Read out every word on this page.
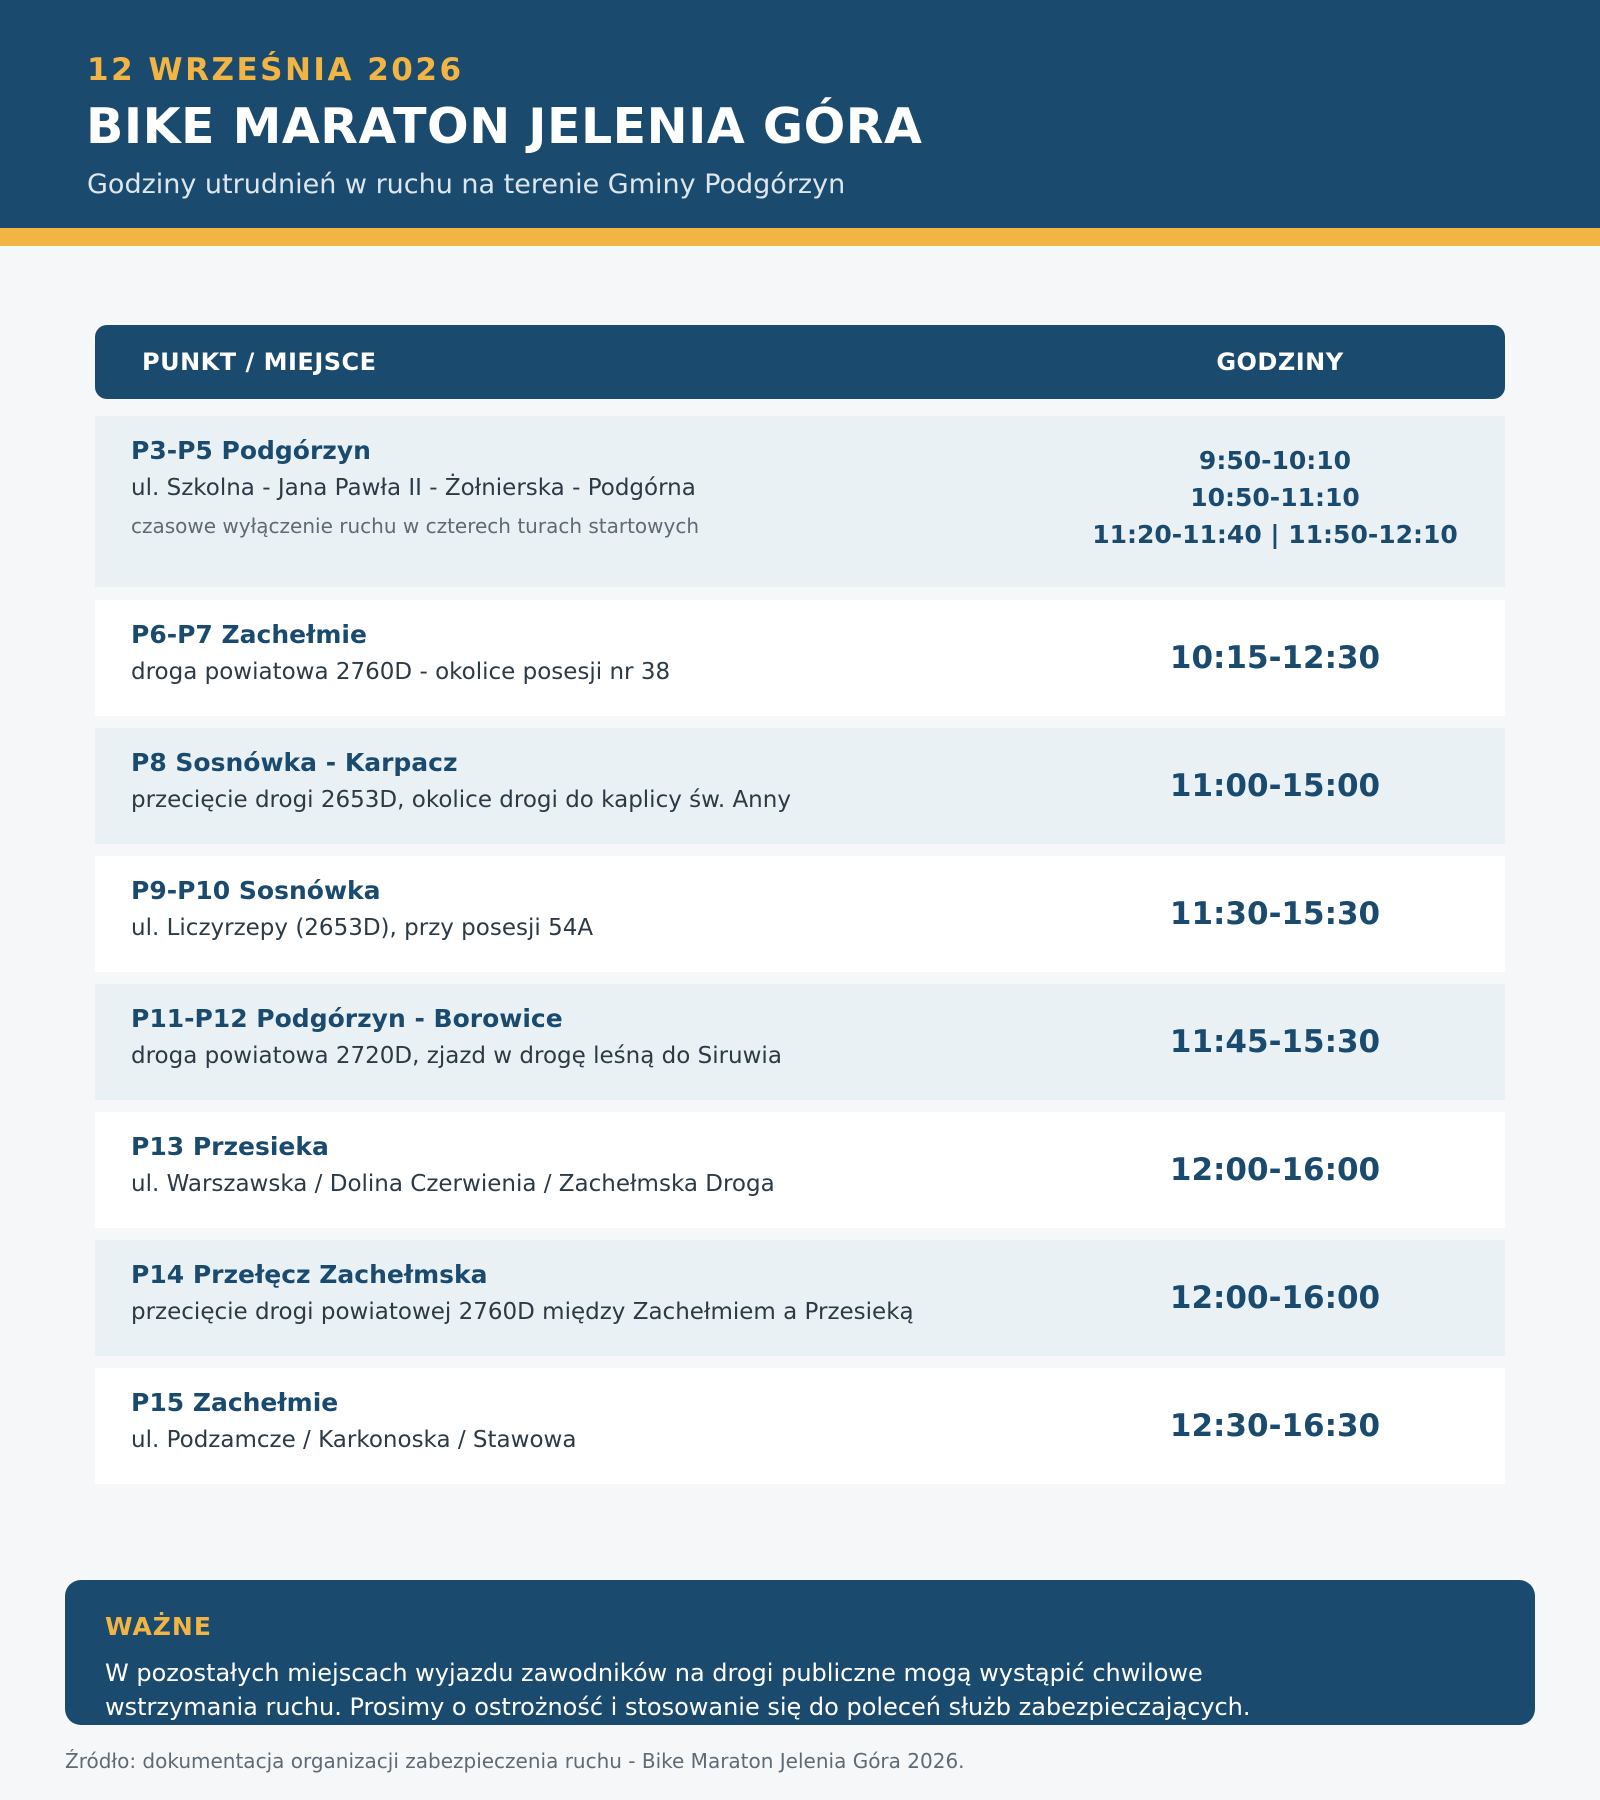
12 WRZEŚNIA 2026
BIKE MARATON JELENIA GÓRA
Godziny utrudnień w ruchu na terenie Gminy Podgórzyn
PUNKT / MIEJSCE	GODZINY
P3-P5 Podgórzyn
ul. Szkolna - Jana Pawła II - Żołnierska - Podgórna
czasowe wyłączenie ruchu w czterech turach startowych
9:50-10:10
10:50-11:10
11:20-11:40 | 11:50-12:10
P6-P7 Zachełmie
droga powiatowa 2760D - okolice posesji nr 38	10:15-12:30
P8 Sosnówka - Karpacz
przecięcie drogi 2653D, okolice drogi do kaplicy św. Anny	11:00-15:00
P9-P10 Sosnówka
ul. Liczyrzepy (2653D), przy posesji 54A	11:30-15:30
P11-P12 Podgórzyn - Borowice
droga powiatowa 2720D, zjazd w drogę leśną do Siruwia	11:45-15:30
P13 Przesieka
ul. Warszawska / Dolina Czerwienia / Zachełmska Droga	12:00-16:00
P14 Przełęcz Zachełmska
przecięcie drogi powiatowej 2760D między Zachełmiem a Przesieką	12:00-16:00
P15 Zachełmie
ul. Podzamcze / Karkonoska / Stawowa	12:30-16:30
WAŻNE
W pozostałych miejscach wyjazdu zawodników na drogi publiczne mogą wystąpić chwilowe
wstrzymania ruchu. Prosimy o ostrożność i stosowanie się do poleceń służb zabezpieczających.
Źródło: dokumentacja organizacji zabezpieczenia ruchu - Bike Maraton Jelenia Góra 2026.
